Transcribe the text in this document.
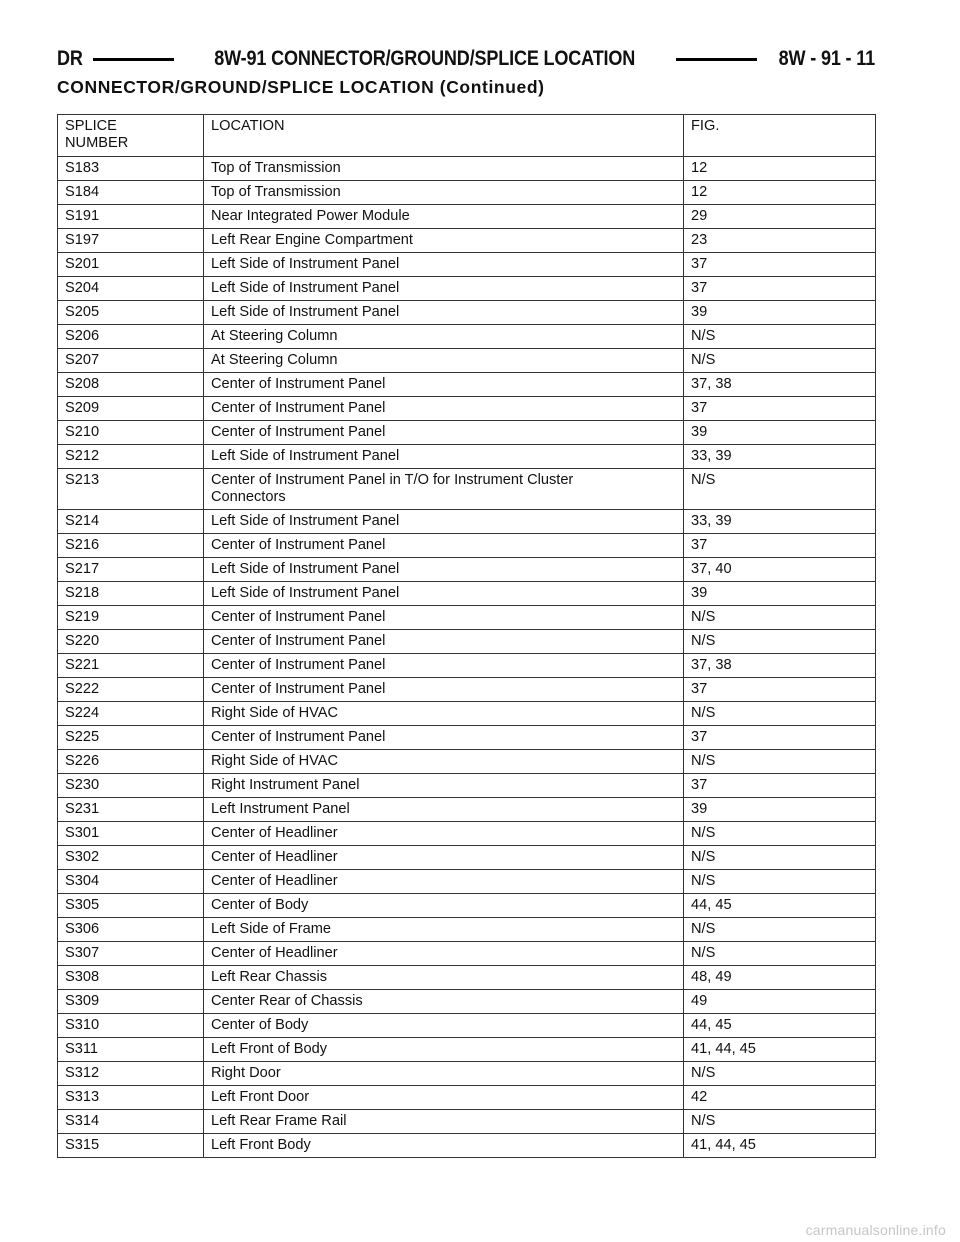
DR	8W-91 CONNECTOR/GROUND/SPLICE LOCATION	8W - 91 - 11
CONNECTOR/GROUND/SPLICE LOCATION (Continued)
SPLICE
NUMBER	LOCATION	FIG.
S183	Top of Transmission	12
S184	Top of Transmission	12
S191	Near Integrated Power Module	29
S197	Left Rear Engine Compartment	23
S201	Left Side of Instrument Panel	37
S204	Left Side of Instrument Panel	37
S205	Left Side of Instrument Panel	39
S206	At Steering Column	N/S
S207	At Steering Column	N/S
S208	Center of Instrument Panel	37, 38
S209	Center of Instrument Panel	37
S210	Center of Instrument Panel	39
S212	Left Side of Instrument Panel	33, 39
S213	Center of Instrument Panel in T/O for Instrument Cluster
Connectors	N/S
S214	Left Side of Instrument Panel	33, 39
S216	Center of Instrument Panel	37
S217	Left Side of Instrument Panel	37, 40
S218	Left Side of Instrument Panel	39
S219	Center of Instrument Panel	N/S
S220	Center of Instrument Panel	N/S
S221	Center of Instrument Panel	37, 38
S222	Center of Instrument Panel	37
S224	Right Side of HVAC	N/S
S225	Center of Instrument Panel	37
S226	Right Side of HVAC	N/S
S230	Right Instrument Panel	37
S231	Left Instrument Panel	39
S301	Center of Headliner	N/S
S302	Center of Headliner	N/S
S304	Center of Headliner	N/S
S305	Center of Body	44, 45
S306	Left Side of Frame	N/S
S307	Center of Headliner	N/S
S308	Left Rear Chassis	48, 49
S309	Center Rear of Chassis	49
S310	Center of Body	44, 45
S311	Left Front of Body	41, 44, 45
S312	Right Door	N/S
S313	Left Front Door	42
S314	Left Rear Frame Rail	N/S
S315	Left Front Body	41, 44, 45
carmanualsonline.info
